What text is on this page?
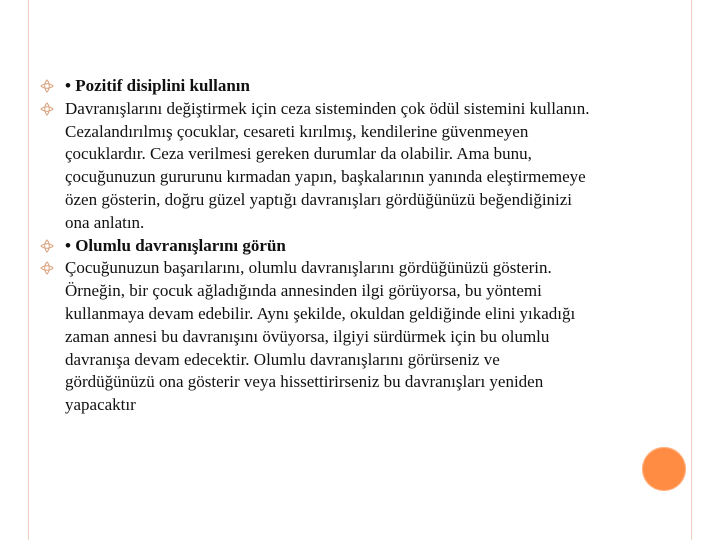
• Pozitif disiplini kullanın

Davranışlarını değiştirmek için ceza sisteminden çok ödül sistemini kullanın.
Cezalandırılmış çocuklar, cesareti kırılmış, kendilerine güvenmeyen
çocuklardır. Ceza verilmesi gereken durumlar da olabilir. Ama bunu,
çocuğunuzun gururunu kırmadan yapın, başkalarının yanında eleştirmemeye
özen gösterin, doğru güzel yaptığı davranışları gördüğünüzü beğendiğinizi
ona anlatın.

• Olumlu davranışlarını görün

Çocuğunuzun başarılarını, olumlu davranışlarını gördüğünüzü gösterin.
Örneğin, bir çocuk ağladığında annesinden ilgi görüyorsa, bu yöntemi
kullanmaya devam edebilir. Aynı şekilde, okuldan geldiğinde elini yıkadığı
zaman annesi bu davranışını övüyorsa, ilgiyi sürdürmek için bu olumlu
davranışa devam edecektir. Olumlu davranışlarını görürseniz ve
gördüğünüzü ona gösterir veya hissettirirseniz bu davranışları yeniden
yapacaktır
